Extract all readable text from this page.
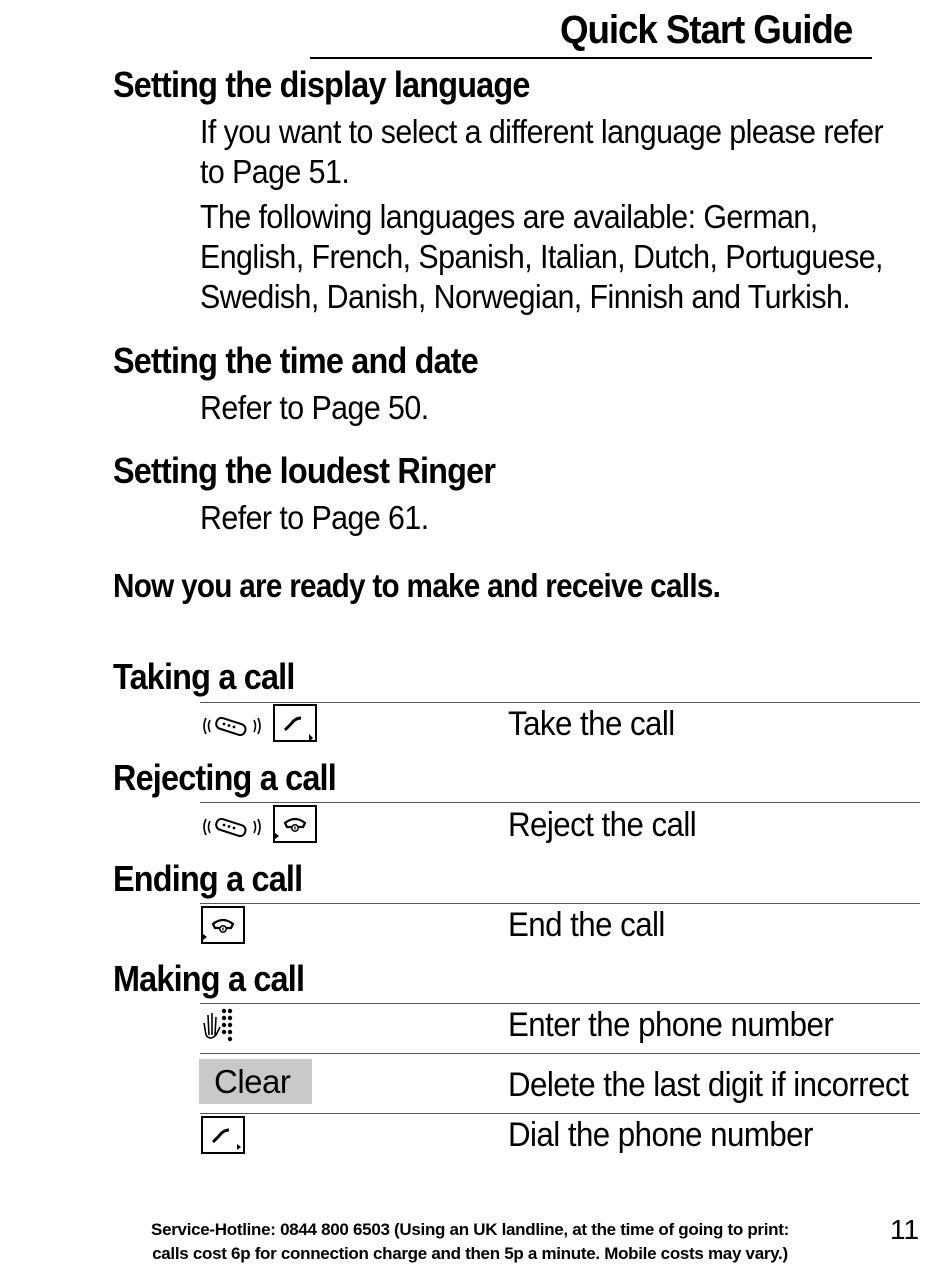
Quick Start Guide
Setting the display language
If you want to select a different language please refer
to Page 51.
The following languages are available: German,
English, French, Spanish, Italian, Dutch, Portuguese,
Swedish, Danish, Norwegian, Finnish and Turkish.
Setting the time and date
Refer to Page 50.
Setting the loudest Ringer
Refer to Page 61.
Now you are ready to make and receive calls.
Taking a call
Take the call
Rejecting a call
Reject the call
Ending a call
End the call
Making a call
Enter the phone number
Clear	Delete the last digit if incorrect
Dial the phone number
Service-Hotline: 0844 800 6503 (Using an UK landline, at the time of going to print:
calls cost 6p for connection charge and then 5p a minute. Mobile costs may vary.)
11
